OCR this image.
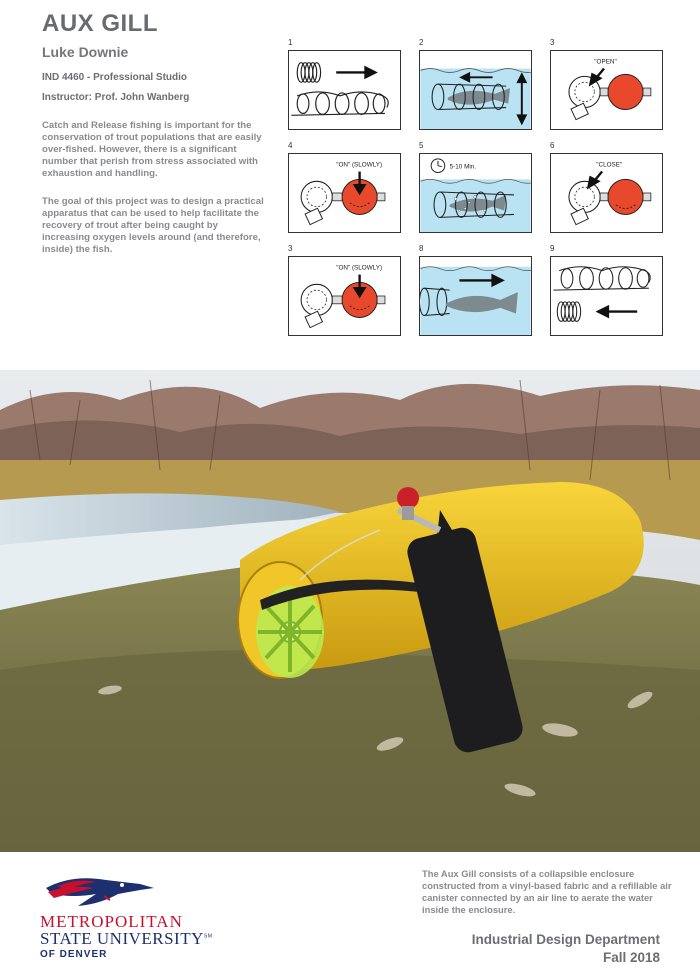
AUX GILL
Luke Downie
IND 4460 - Professional Studio
Instructor: Prof. John Wanberg
Catch and Release fishing is important for the conservation of trout populations that are easily over-fished. However, there is a significant number that perish from stress associated with exhaustion and handling.
The goal of this project was to design a practical apparatus that can be used to help facilitate the recovery of trout after being caught by increasing oxygen levels around (and therefore, inside) the fish.
1	2	3
"OPEN"
4
"ON" (SLOWLY)
5
5-10 Min.
6
"CLOSE"
3
"ON" (SLOWLY)
8	9
METROPOLITAN
STATE UNIVERSITY℠
OF DENVER
The Aux Gill consists of a collapsible enclosure constructed from a vinyl-based fabric and a refillable air canister connected by an air line to aerate the water inside the enclosure.
Industrial Design Department
Fall 2018
